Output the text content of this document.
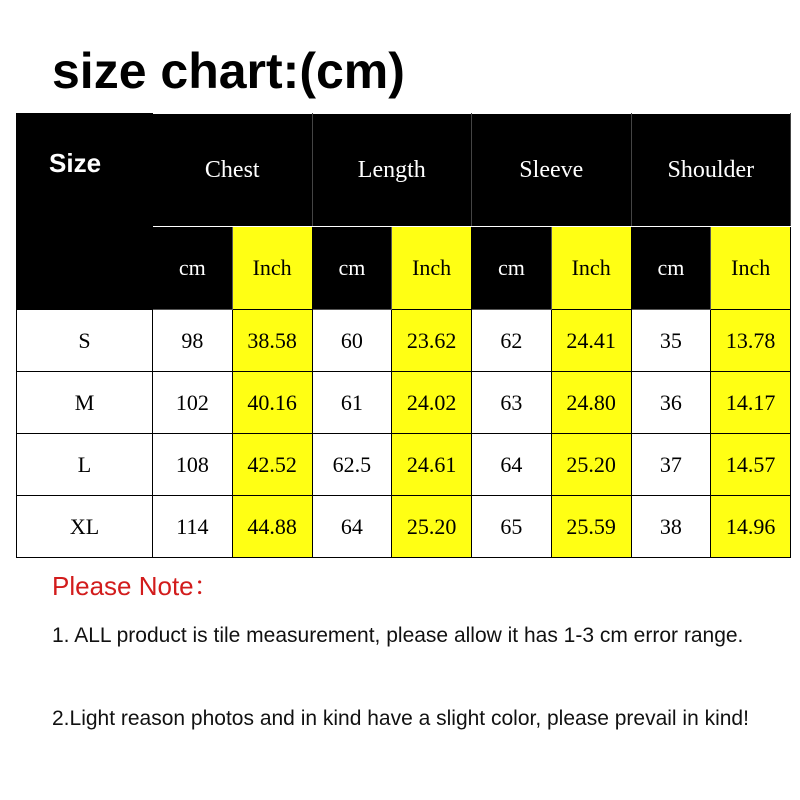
size chart:(cm)
Size	Chest		Length		Sleeve		Shoulder	
	cm	Inch	cm	Inch	cm	Inch	cm	Inch
S	98	38.58	60	23.62	62	24.41	35	13.78
M	102	40.16	61	24.02	63	24.80	36	14.17
L	108	42.52	62.5	24.61	64	25.20	37	14.57
XL	114	44.88	64	25.20	65	25.59	38	14.96
Please Note：
1. ALL product is tile measurement, please allow it has 1-3 cm error range.
2.Light reason photos and in kind have a slight color, please prevail in kind!
